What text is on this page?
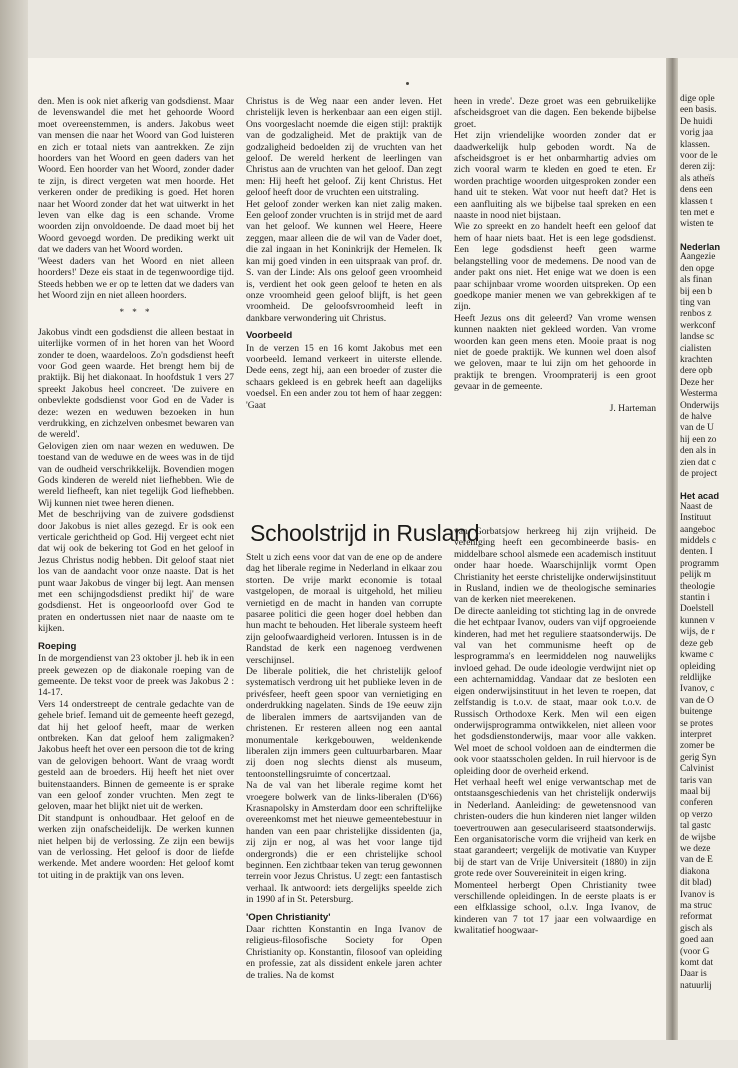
den. Men is ook niet afkerig van godsdienst. Maar de levenswandel die met het gehoorde Woord moet overeenstemmen, is anders. Jakobus weet van mensen die naar het Woord van God luisteren en zich er totaal niets van aantrekken. Ze zijn hoorders van het Woord en geen daders van het Woord. Een hoorder van het Woord, zonder dader te zijn, is direct vergeten wat men hoorde. Het verkeren onder de prediking is goed. Het horen naar het Woord zonder dat het wat uitwerkt in het leven van elke dag is een schande. Vrome woorden zijn onvoldoende. De daad moet bij het Woord gevoegd worden. De prediking werkt uit dat we daders van het Woord worden.

'Weest daders van het Woord en niet alleen hoorders!' Deze eis staat in de tegenwoordige tijd. Steeds hebben we er op te letten dat we daders van het Woord zijn en niet alleen hoorders.

* * *

Jakobus vindt een godsdienst die alleen bestaat in uiterlijke vormen of in het horen van het Woord zonder te doen, waardeloos. Zo'n godsdienst heeft voor God geen waarde. Het brengt hem bij de praktijk. Bij het diakonaat. In hoofdstuk 1 vers 27 spreekt Jakobus heel concreet. 'De zuivere en onbevlekte godsdienst voor God en de Vader is deze: wezen en weduwen bezoeken in hun verdrukking, en zichzelven onbesmet bewaren van de wereld'.

Gelovigen zien om naar wezen en weduwen. De toestand van de weduwe en de wees was in de tijd van de oudheid verschrikkelijk. Bovendien mogen Gods kinderen de wereld niet liefhebben. Wie de wereld liefheeft, kan niet tegelijk God liefhebben. Wij kunnen niet twee heren dienen.

Met de beschrijving van de zuivere godsdienst door Jakobus is niet alles gezegd. Er is ook een verticale gerichtheid op God. Hij vergeet echt niet dat wij ook de bekering tot God en het geloof in Jezus Christus nodig hebben. Dit geloof staat niet los van de aandacht voor onze naaste. Dat is het punt waar Jakobus de vinger bij legt. Aan mensen met een schijngodsdienst predikt hij' de ware godsdienst. Het is ongeoorloofd over God te praten en ondertussen niet naar de naaste om te kijken.

Roeping

In de morgendienst van 23 oktober jl. heb ik in een preek gewezen op de diakonale roeping van de gemeente. De tekst voor de preek was Jakobus 2 : 14-17.

Vers 14 onderstreept de centrale gedachte van de gehele brief. Iemand uit de gemeente heeft gezegd, dat hij het geloof heeft, maar de werken ontbreken. Kan dat geloof hem zaligmaken? Jakobus heeft het over een persoon die tot de kring van de gelovigen behoort. Want de vraag wordt gesteld aan de broeders. Hij heeft het niet over buitenstaanders. Binnen de gemeente is er sprake van een geloof zonder vruchten. Men zegt te geloven, maar het blijkt niet uit de werken.

Dit standpunt is onhoudbaar. Het geloof en de werken zijn onafscheidelijk. De werken kunnen niet helpen bij de verlossing. Ze zijn een bewijs van de verlossing. Het geloof is door de liefde werkende. Met andere woorden: Het geloof komt tot uiting in de praktijk van ons leven.

Christus is de Weg naar een ander leven. Het christelijk leven is herkenbaar aan een eigen stijl. Ons voorgeslacht noemde die eigen stijl: praktijk van de godzaligheid. Met de praktijk van de godzaligheid bedoelden zij de vruchten van het geloof. De wereld herkent de leerlingen van Christus aan de vruchten van het geloof. Dan zegt men: Hij heeft het geloof. Zij kent Christus. Het geloof heeft door de vruchten een uitstraling.

Het geloof zonder werken kan niet zalig maken. Een geloof zonder vruchten is in strijd met de aard van het geloof. We kunnen wel Heere, Heere zeggen, maar alleen die de wil van de Vader doet, die zal ingaan in het Koninkrijk der Hemelen. Ik kan mij goed vinden in een uitspraak van prof. dr. S. van der Linde: Als ons geloof geen vroomheid is, verdient het ook geen geloof te heten en als onze vroomheid geen geloof blijft, is het geen vroomheid. De geloofsvroomheid leeft in dankbare verwondering uit Christus.

Voorbeeld

In de verzen 15 en 16 komt Jakobus met een voorbeeld. Iemand verkeert in uiterste ellende. Dede eens, zegt hij, aan een broeder of zuster die schaars gekleed is en gebrek heeft aan dagelijks voedsel. En een ander zou tot hem of haar zeggen: 'Gaat

heen in vrede'. Deze groet was een gebruikelijke afscheidsgroet van die dagen. Een bekende bijbelse groet.

Het zijn vriendelijke woorden zonder dat er daadwerkelijk hulp geboden wordt. Na de afscheidsgroet is er het onbarmhartig advies om zich vooral warm te kleden en goed te eten. Er worden prachtige woorden uitgesproken zonder een hand uit te steken. Wat voor nut heeft dat? Het is een aanfluiting als we bijbelse taal spreken en een naaste in nood niet bijstaan.

Wie zo spreekt en zo handelt heeft een geloof dat hem of haar niets baat. Het is een lege godsdienst. Een lege godsdienst heeft geen warme belangstelling voor de medemens. De nood van de ander pakt ons niet. Het enige wat we doen is een paar schijnbaar vrome woorden uitspreken. Op een goedkope manier menen we van gebrekkigen af te zijn.

Heeft Jezus ons dit geleerd? Van vrome wensen kunnen naakten niet gekleed worden. Van vrome woorden kan geen mens eten. Mooie praat is nog niet de goede praktijk. We kunnen wel doen alsof we geloven, maar te lui zijn om het gehoorde in praktijk te brengen. Vroompraterij is een groot gevaar in de gemeente.

J. Harteman
Schoolstrijd in Rusland

Stelt u zich eens voor dat van de ene op de andere dag het liberale regime in Nederland in elkaar zou storten. De vrije markt economie is totaal vastgelopen, de moraal is uitgehold, het milieu vernietigd en de macht in handen van corrupte pasaree politici die geen hoger doel hebben dan hun macht te behouden. Het liberale systeem heeft zijn geloofwaardigheid verloren. Intussen is in de Randstad de kerk een nagenoeg verdwenen verschijnsel.

De liberale politiek, die het christelijk geloof systematisch verdrong uit het publieke leven in de privésfeer, heeft geen spoor van vernietiging en onderdrukking nagelaten. Sinds de 19e eeuw zijn de liberalen immers de aartsvijanden van de christenen. Er resteren alleen nog een aantal monumentale kerkgebouwen, weldenkende liberalen zijn immers geen cultuurbarbaren. Maar zij doen nog slechts dienst als museum, tentoonstellingsruimte of concertzaal.

Na de val van het liberale regime komt het vroegere bolwerk van de links-liberalen (D'66) Krasnapolsky in Amsterdam door een schriftelijke overeenkomst met het nieuwe gemeentebestuur in handen van een paar christelijke dissidenten (ja, zij zijn er nog, al was het voor lange tijd ondergronds) die er een christelijke school beginnen. Een zichtbaar teken van terug gewonnen terrein voor Jezus Christus. U zegt: een fantastisch verhaal. Ik antwoord: iets dergelijks speelde zich in 1990 af in St. Petersburg.

'Open Christianity'

Daar richtten Konstantin en Inga Ivanov de religieus-filosofische Society for Open Christianity op. Konstantin, filosoof van opleiding en professie, zat als dissident enkele jaren achter de tralies. Na de komst

van Gorbatsjow herkreeg hij zijn vrijheid. De vereniging heeft een gecombineerde basis- en middelbare school alsmede een academisch instituut onder haar hoede. Waarschijnlijk vormt Open Christianity het eerste christelijke onderwijsinstituut in Rusland, indien we de theologische seminaries van de kerken niet meerekenen.

De directe aanleiding tot stichting lag in de onvrede die het echtpaar Ivanov, ouders van vijf opgroeiende kinderen, had met het reguliere staatsonderwijs. De val van het communisme heeft op de lesprogramma's en leermiddelen nog nauwelijks invloed gehad. De oude ideologie verdwijnt niet op een achternamiddag. Vandaar dat ze besloten een eigen onderwijsinstituut in het leven te roepen, dat zelfstandig is t.o.v. de staat, maar ook t.o.v. de Russisch Orthodoxe Kerk. Men wil een eigen onderwijsprogramma ontwikkelen, niet alleen voor het godsdienstonderwijs, maar voor alle vakken. Wel moet de school voldoen aan de eindtermen die ook voor staatsscholen gelden. In ruil hiervoor is de opleiding door de overheid erkend.

Het verhaal heeft wel enige verwantschap met de ontstaansgeschiedenis van het christelijk onderwijs in Nederland. Aanleiding: de gewetensnood van christen-ouders die hun kinderen niet langer wilden toevertrouwen aan geseculariseerd staatsonderwijs. Een organisatorische vorm die vrijheid van kerk en staat garandeert; vergelijk de motivatie van Kuyper bij de start van de Vrije Universiteit (1880) in zijn grote rede over Souvereiniteit in eigen kring.

Momenteel herbergt Open Christianity twee verschillende opleidingen. In de eerste plaats is er een elfklassige school, o.l.v. Inga Ivanov, de kinderen van 7 tot 17 jaar een volwaardige en kwalitatief hoogwaar-

dige ople

een basis.

De huidi

vorig jaa

klassen.

voor de le

deren zij:

als atheïs

dens een

klassen t

ten met e

wisten te

Nederlan

Aangezie

den opge

als finan

bij een b

ting van

renbos z

werkconf

landse sc

cialisten

krachten

dere opb

Deze her

Westerma

Onderwijs

de halve

van de U

hij een zo

den als in

zien dat c

de project

Het acad

Naast de

Instituut

aangeboc

middels c

denten. I

programm

pelijk m

theologie

stantin i

Doelstell

kunnen v

wijs, de r

deze geb

kwame c

opleiding

reldlijke

Ivanov, c

van de O

buitenge

se protes

interpret

zomer be

gerig Syn

Calvinist

taris van

maal bij

conferen

op verzo

tal gastc

de wijsbe

we deze

van de E

diakona

dit blad)

Ivanov is

ma struc

reformat

gisch als

goed aan

(voor G

komt dat

Daar is

natuurlij
